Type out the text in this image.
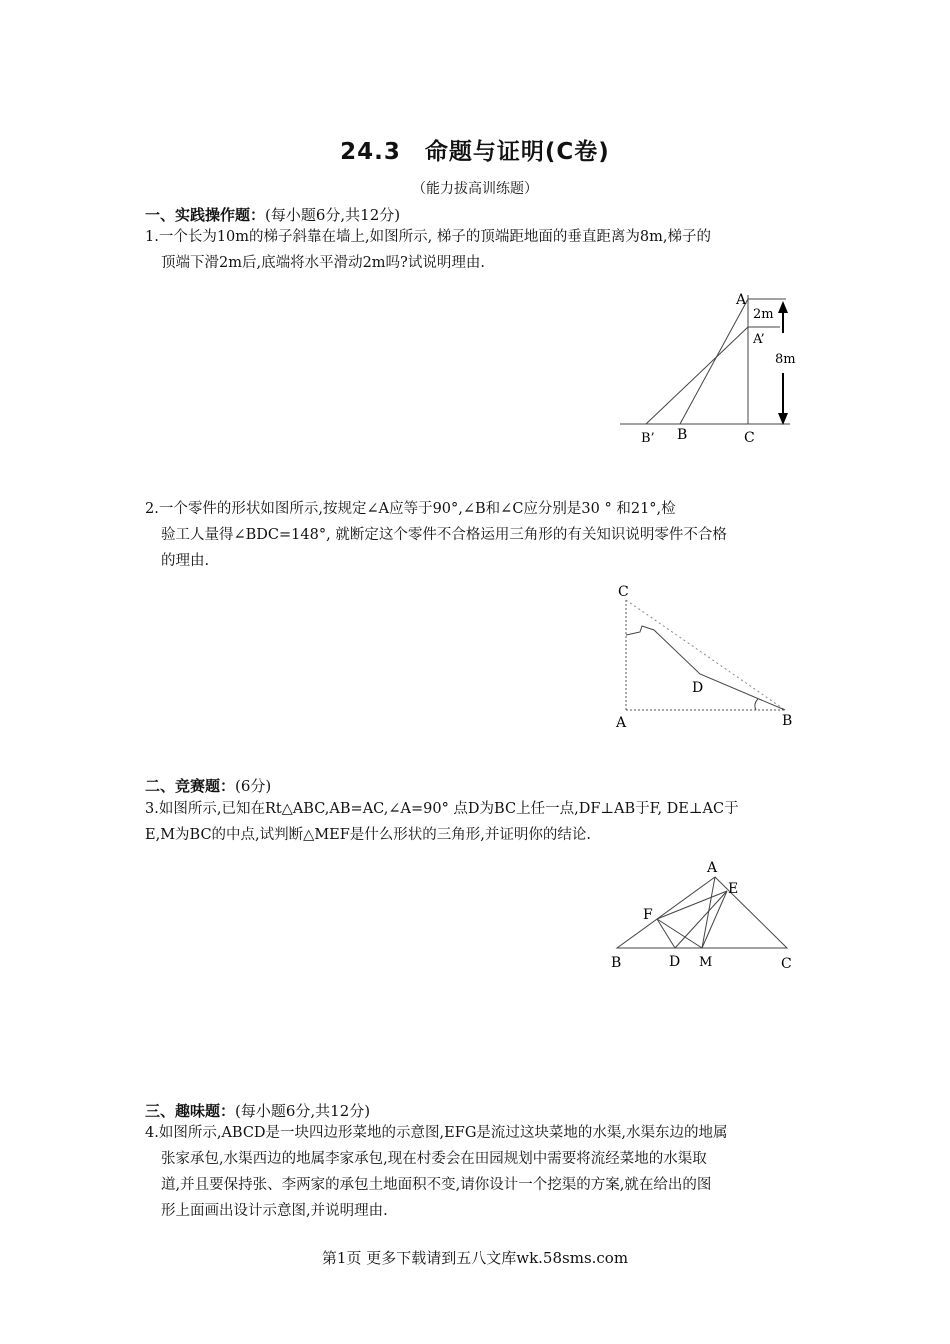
24.3　命题与证明(C卷)
（能力拔高训练题）
一、实践操作题：(每小题6分,共12分)
1.一个长为10m的梯子斜靠在墙上,如图所示, 梯子的顶端距地面的垂直距离为8m,梯子的
顶端下滑2m后,底端将水平滑动2m吗?试说明理由.
A
2m
A’
8m
B’ B	C
2.一个零件的形状如图所示,按规定∠A应等于90°,∠B和∠C应分别是30 ° 和21°,检
验工人量得∠BDC=148°, 就断定这个零件不合格运用三角形的有关知识说明零件不合格
的理由.
C
D
A	B
二、竞赛题：(6分)
3.如图所示,已知在Rt△ABC,AB=AC,∠A=90° 点D为BC上任一点,DF⊥AB于F, DE⊥AC于
E,M为BC的中点,试判断△MEF是什么形状的三角形,并证明你的结论.
A
E
F
B	D M	C
三、趣味题：(每小题6分,共12分)
4.如图所示,ABCD是一块四边形菜地的示意图,EFG是流过这块菜地的水渠,水渠东边的地属
张家承包,水渠西边的地属李家承包,现在村委会在田园规划中需要将流经菜地的水渠取
道,并且要保持张、李两家的承包土地面积不变,请你设计一个挖渠的方案,就在给出的图
形上面画出设计示意图,并说明理由.
第1页 更多下载请到五八文库wk.58sms.com
